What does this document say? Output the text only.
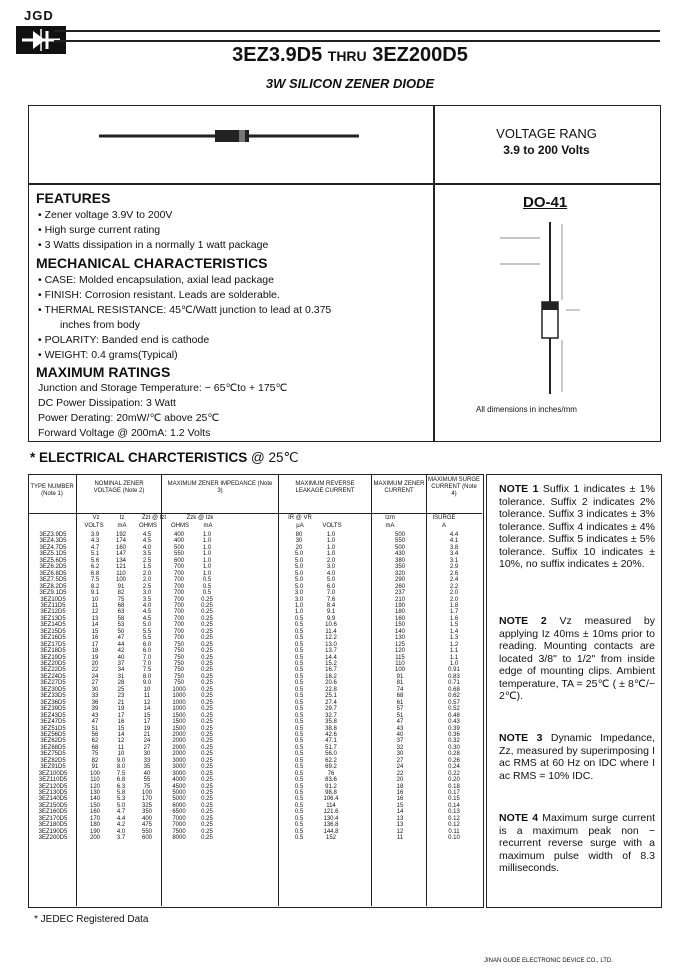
JGD
3EZ3.9D5 THRU 3EZ200D5
3W SILICON ZENER DIODE
VOLTAGE RANG
3.9 to 200 Volts
FEATURES
• Zener voltage 3.9V to 200V
• High surge current rating
• 3 Watts dissipation in a normally 1 watt package
MECHANICAL CHARACTERISTICS
• CASE: Molded encapsulation, axial lead package
• FINISH: Corrosion resistant. Leads are solderable.
• THERMAL RESISTANCE: 45℃/Watt junction to lead at 0.375
inches from body
• POLARITY: Banded end is cathode
• WEIGHT: 0.4 grams(Typical)
MAXIMUM RATINGS
Junction and Storage Temperature: − 65℃to + 175℃
DC Power Dissipation: 3 Watt
Power Derating: 20mW/℃ above 25℃
Forward Voltage @ 200mA: 1.2 Volts
DO-41
All dimensions in inches/mm
* ELECTRICAL CHARCTERISTICS @ 25℃
TYPE NUMBER (Note 1)
NOMINAL ZENER VOLTAGE (Note 2)
MAXIMUM ZENER IMPEDANCE (Note 3)
MAXIMUM REVERSE LEAKAGE CURRENT
MAXIMUM ZENER CURRENT
MAXIMUM SURGE CURRENT (Note 4)
Vz	Iz	Zzt @ Izt	Zzk @ Izk	IR @ VR	Izm	ISURGE
VOLTS	mA	OHMS	OHMS	mA	μA	VOLTS	mA	A
3EZ3.9D5	3.9	192	4.5	400	1.0	80	1.0	500	4.4
3EZ4.3D5	4.3	174	4.5	400	1.0	30	1.0	550	4.1
3EZ4.7D5	4.7	160	4.0	500	1.0	20	1.0	500	3.8
3EZ5.1D5	5.1	147	3.5	550	1.0	5.0	1.0	430	3.4
3EZ5.6D5	5.6	134	2.5	600	1.0	5.0	2.0	380	3.1
3EZ6.2D5	6.2	121	1.5	700	1.0	5.0	3.0	350	2.9
3EZ6.8D5	6.8	110	2.0	700	1.0	5.0	4.0	320	2.6
3EZ7.5D5	7.5	100	2.0	700	0.5	5.0	5.0	290	2.4
3EZ8.2D5	8.2	91	2.5	700	0.5	5.0	6.0	260	2.2
3EZ9.1D5	9.1	82	3.0	700	0.5	3.0	7.0	237	2.0
3EZ10D5	10	75	3.5	700	0.25	3.0	7.6	210	2.0
3EZ11D5	11	68	4.0	700	0.25	1.0	8.4	190	1.8
3EZ12D5	12	63	4.5	700	0.25	1.0	9.1	180	1.7
3EZ13D5	13	58	4.5	700	0.25	0.5	9.9	160	1.6
3EZ14D5	14	53	5.0	700	0.25	0.5	10.6	150	1.5
3EZ15D5	15	50	5.5	700	0.25	0.5	11.4	140	1.4
3EZ16D5	16	47	5.5	700	0.25	0.5	12.2	130	1.3
3EZ17D5	17	44	6.0	750	0.25	0.5	13.0	125	1.2
3EZ18D5	18	42	6.0	750	0.25	0.5	13.7	120	1.1
3EZ19D5	19	40	7.0	750	0.25	0.5	14.4	115	1.1
3EZ20D5	20	37	7.0	750	0.25	0.5	15.2	110	1.0
3EZ22D5	22	34	7.5	750	0.25	0.5	16.7	100	0.91
3EZ24D5	24	31	8.0	750	0.25	0.5	18.2	91	0.83
3EZ27D5	27	28	9.0	750	0.25	0.5	20.6	81	0.71
3EZ30D5	30	25	10	1000	0.25	0.5	22.8	74	0.68
3EZ33D5	33	23	11	1000	0.25	0.5	25.1	68	0.62
3EZ36D5	36	21	12	1000	0.25	0.5	27.4	61	0.57
3EZ39D5	39	19	14	1000	0.25	0.5	29.7	57	0.52
3EZ43D5	43	17	15	1500	0.25	0.5	32.7	51	0.48
3EZ47D5	47	16	17	1500	0.25	0.5	35.8	47	0.43
3EZ51D5	51	15	19	1500	0.25	0.5	38.8	43	0.39
3EZ56D5	56	14	21	2000	0.25	0.5	42.6	40	0.36
3EZ62D5	62	12	24	2000	0.25	0.5	47.1	37	0.32
3EZ68D5	68	11	27	2000	0.25	0.5	51.7	32	0.30
3EZ75D5	75	10	30	2000	0.25	0.5	56.0	30	0.28
3EZ82D5	82	9.0	33	3000	0.25	0.5	62.2	27	0.26
3EZ91D5	91	8.0	35	3000	0.25	0.5	69.2	24	0.24
3EZ100D5	100	7.5	40	3000	0.25	0.5	76	22	0.22
3EZ110D5	110	6.8	55	4000	0.25	0.5	83.6	20	0.20
3EZ120D5	120	6.3	75	4500	0.25	0.5	91.2	18	0.18
3EZ130D5	130	5.8	100	5000	0.25	0.5	98.8	16	0.17
3EZ140D5	140	5.3	170	5000	0.25	0.5	106.4	16	0.15
3EZ150D5	150	5.0	325	6000	0.25	0.5	114	15	0.14
3EZ160D5	160	4.7	350	6500	0.25	0.5	121.6	14	0.13
3EZ170D5	170	4.4	400	7000	0.25	0.5	130.4	13	0.12
3EZ180D5	180	4.2	475	7000	0.25	0.5	136.8	13	0.12
3EZ190D5	190	4.0	550	7500	0.25	0.5	144.8	12	0.11
3EZ200D5	200	3.7	600	8000	0.25	0.5	152	11	0.10
NOTE 1 Suffix 1 indicates ± 1% tolerance. Suffix 2 indicates 2% tolerance. Suffix 3 indicates ± 3% tolerance. Suffix 4 indicates ± 4% tolerance. Suffix 5 indicates ± 5% tolerance. Suffix 10 indicates ± 10%, no suffix indicates ± 20%.
NOTE 2 Vz measured by applying Iz 40ms ± 10ms prior to reading. Mounting contacts are located 3/8" to 1/2" from inside edge of mounting clips. Ambient temperature, TA = 25℃ ( ± 8℃/− 2℃).
NOTE 3 Dynamic Impedance, Zz, measured by superimposing I ac RMS at 60 Hz on IDC where I ac RMS = 10% IDC.
NOTE 4 Maximum surge current is a maximum peak non − recurrent reverse surge with a maximum pulse width of 8.3 milliseconds.
* JEDEC Registered Data
JINAN GUDE ELECTRONIC DEVICE CO., LTD.
